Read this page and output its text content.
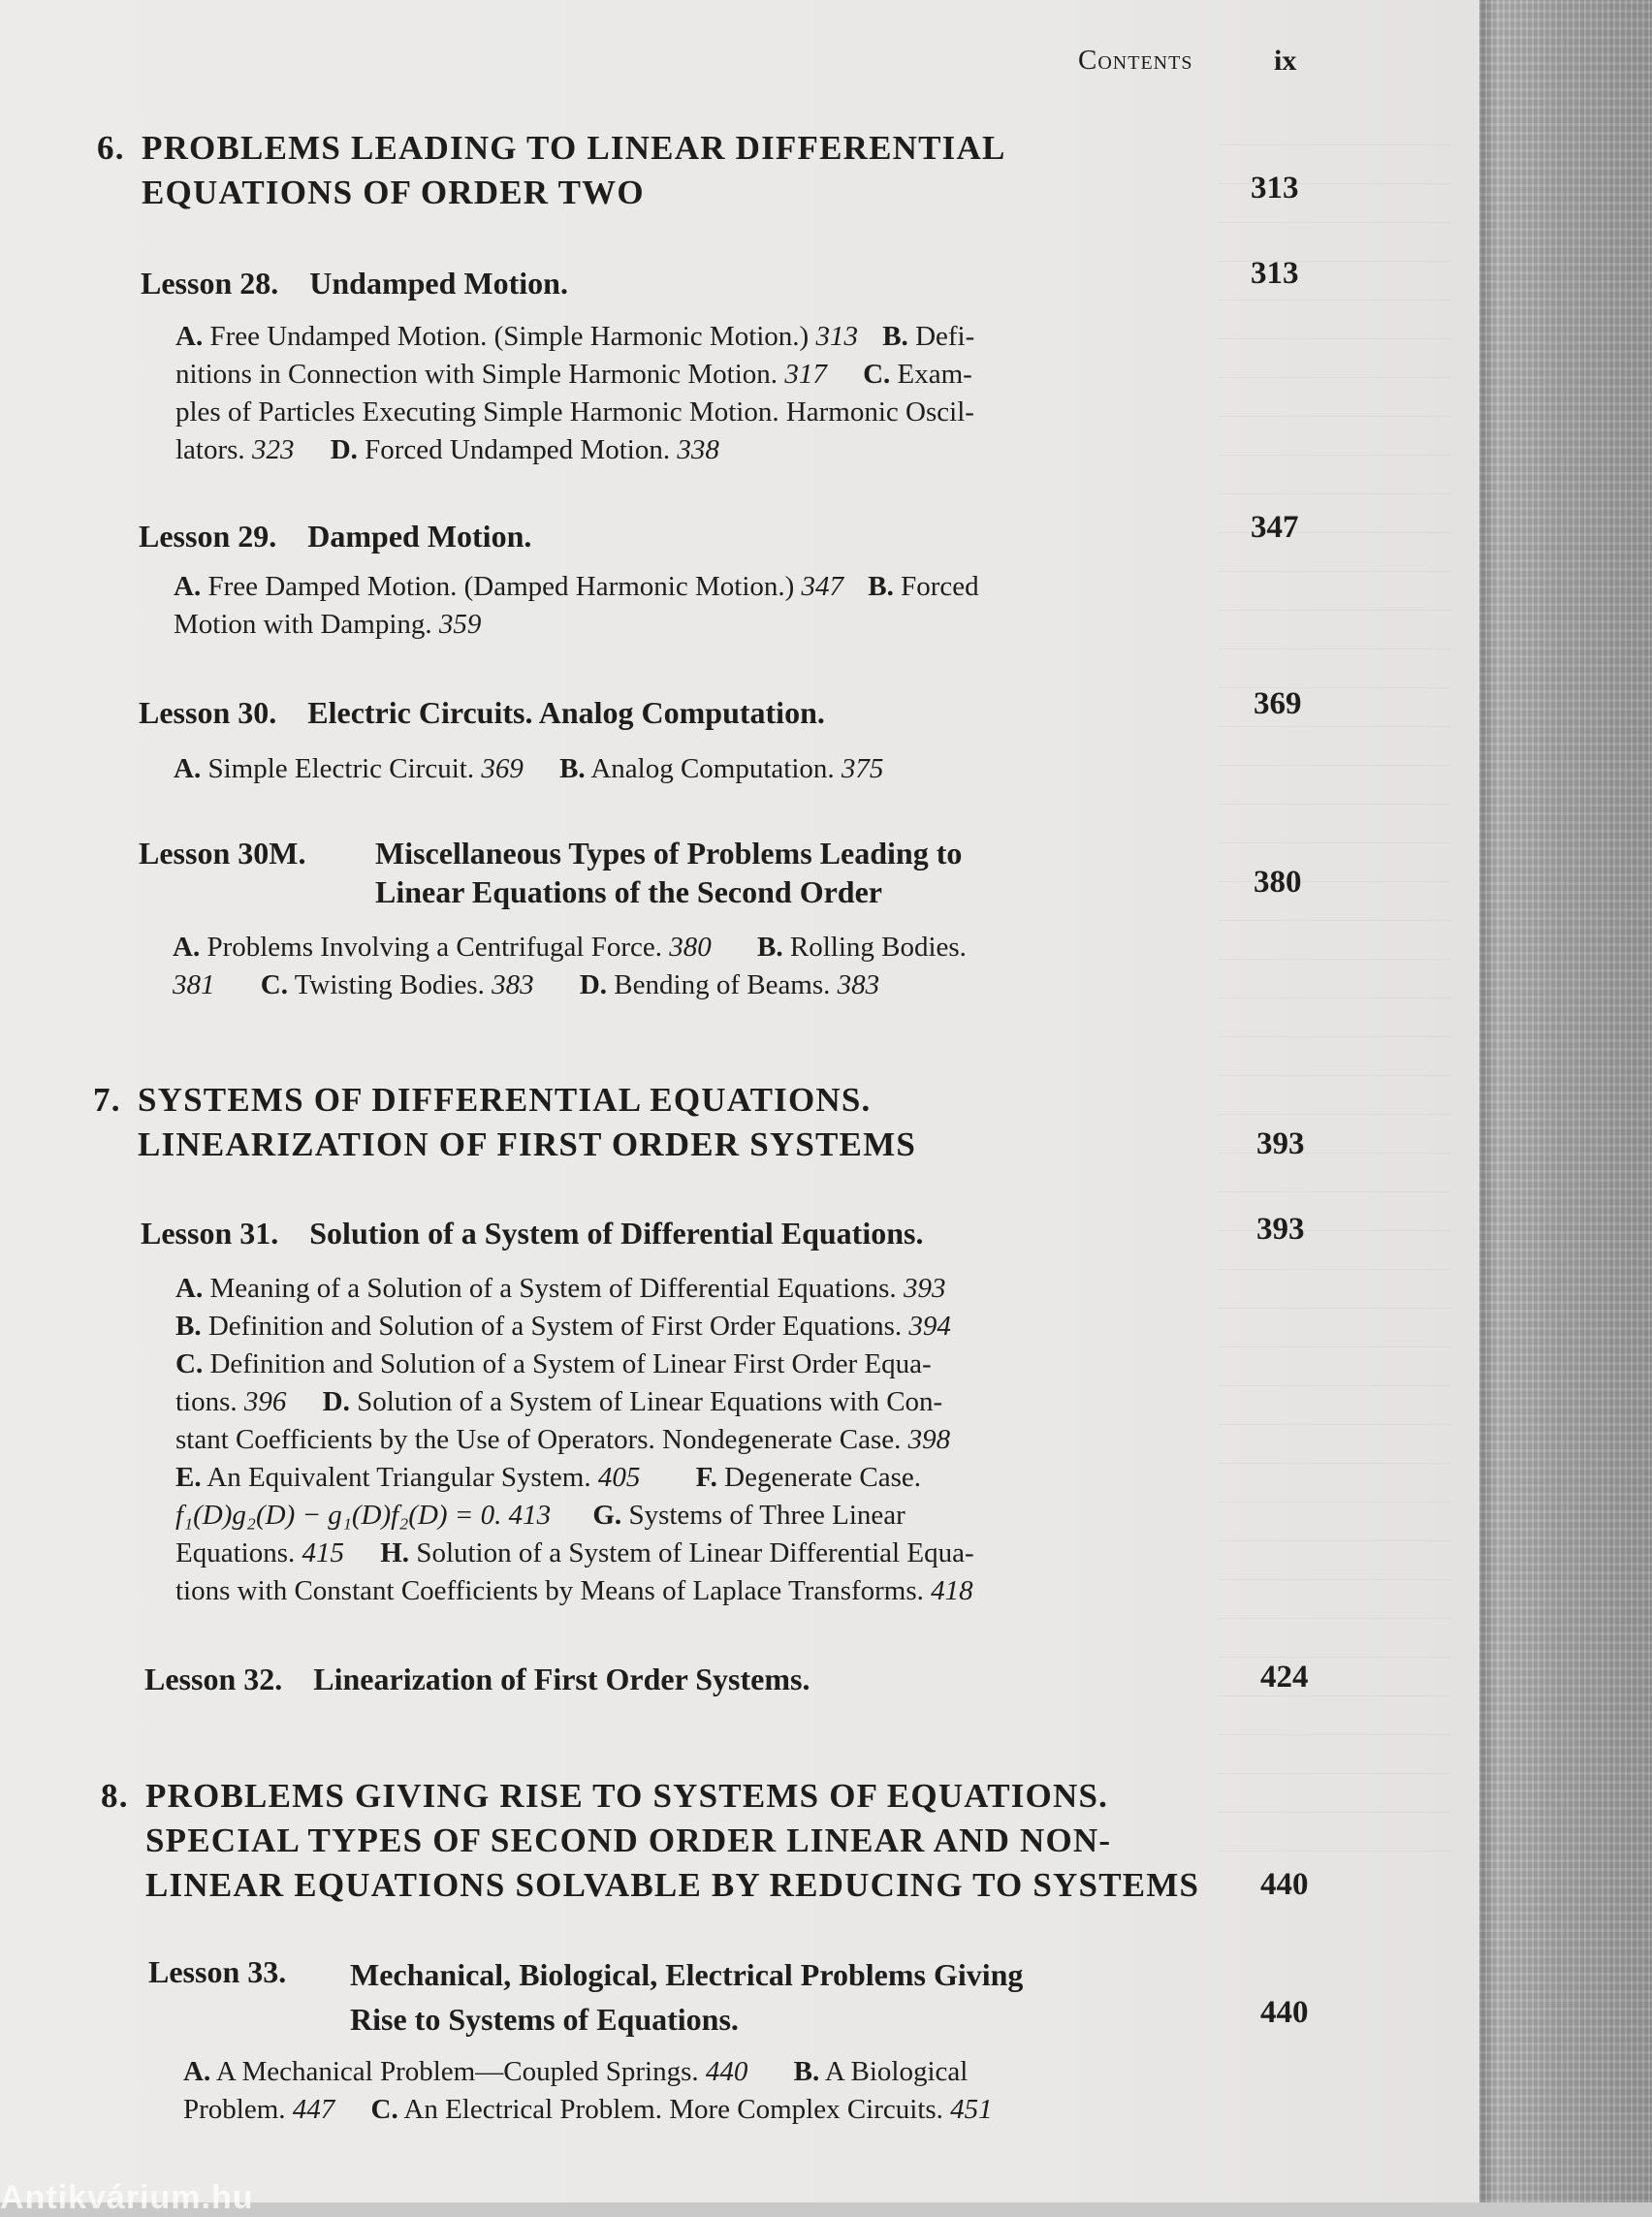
Contents	ix
6. PROBLEMS LEADING TO LINEAR DIFFERENTIAL
EQUATIONS OF ORDER TWO	313
Lesson 28. Undamped Motion.	313
A. Free Undamped Motion. (Simple Harmonic Motion.) 313 B. Defi-
nitions in Connection with Simple Harmonic Motion. 317 C. Exam-
ples of Particles Executing Simple Harmonic Motion. Harmonic Oscil-
lators. 323 D. Forced Undamped Motion. 338
Lesson 29. Damped Motion.	347
A. Free Damped Motion. (Damped Harmonic Motion.) 347 B. Forced
Motion with Damping. 359
Lesson 30. Electric Circuits. Analog Computation.	369
A. Simple Electric Circuit. 369 B. Analog Computation. 375
Lesson 30M. Miscellaneous Types of Problems Leading to
Linear Equations of the Second Order	380
A. Problems Involving a Centrifugal Force. 380 B. Rolling Bodies.
381 C. Twisting Bodies. 383 D. Bending of Beams. 383
7. SYSTEMS OF DIFFERENTIAL EQUATIONS.
LINEARIZATION OF FIRST ORDER SYSTEMS	393
Lesson 31. Solution of a System of Differential Equations.	393
A. Meaning of a Solution of a System of Differential Equations. 393
B. Definition and Solution of a System of First Order Equations. 394
C. Definition and Solution of a System of Linear First Order Equa-
tions. 396 D. Solution of a System of Linear Equations with Con-
stant Coefficients by the Use of Operators. Nondegenerate Case. 398
E. An Equivalent Triangular System. 405 F. Degenerate Case.
f₁(D)g₂(D) − g₁(D)f₂(D) = 0. 413 G. Systems of Three Linear
Equations. 415 H. Solution of a System of Linear Differential Equa-
tions with Constant Coefficients by Means of Laplace Transforms. 418
Lesson 32. Linearization of First Order Systems.	424
8. PROBLEMS GIVING RISE TO SYSTEMS OF EQUATIONS.
SPECIAL TYPES OF SECOND ORDER LINEAR AND NON-
LINEAR EQUATIONS SOLVABLE BY REDUCING TO SYSTEMS 440
Lesson 33. Mechanical, Biological, Electrical Problems Giving
Rise to Systems of Equations.	440
A. A Mechanical Problem—Coupled Springs. 440 B. A Biological
Problem. 447 C. An Electrical Problem. More Complex Circuits. 451
Antikvárium.hu
